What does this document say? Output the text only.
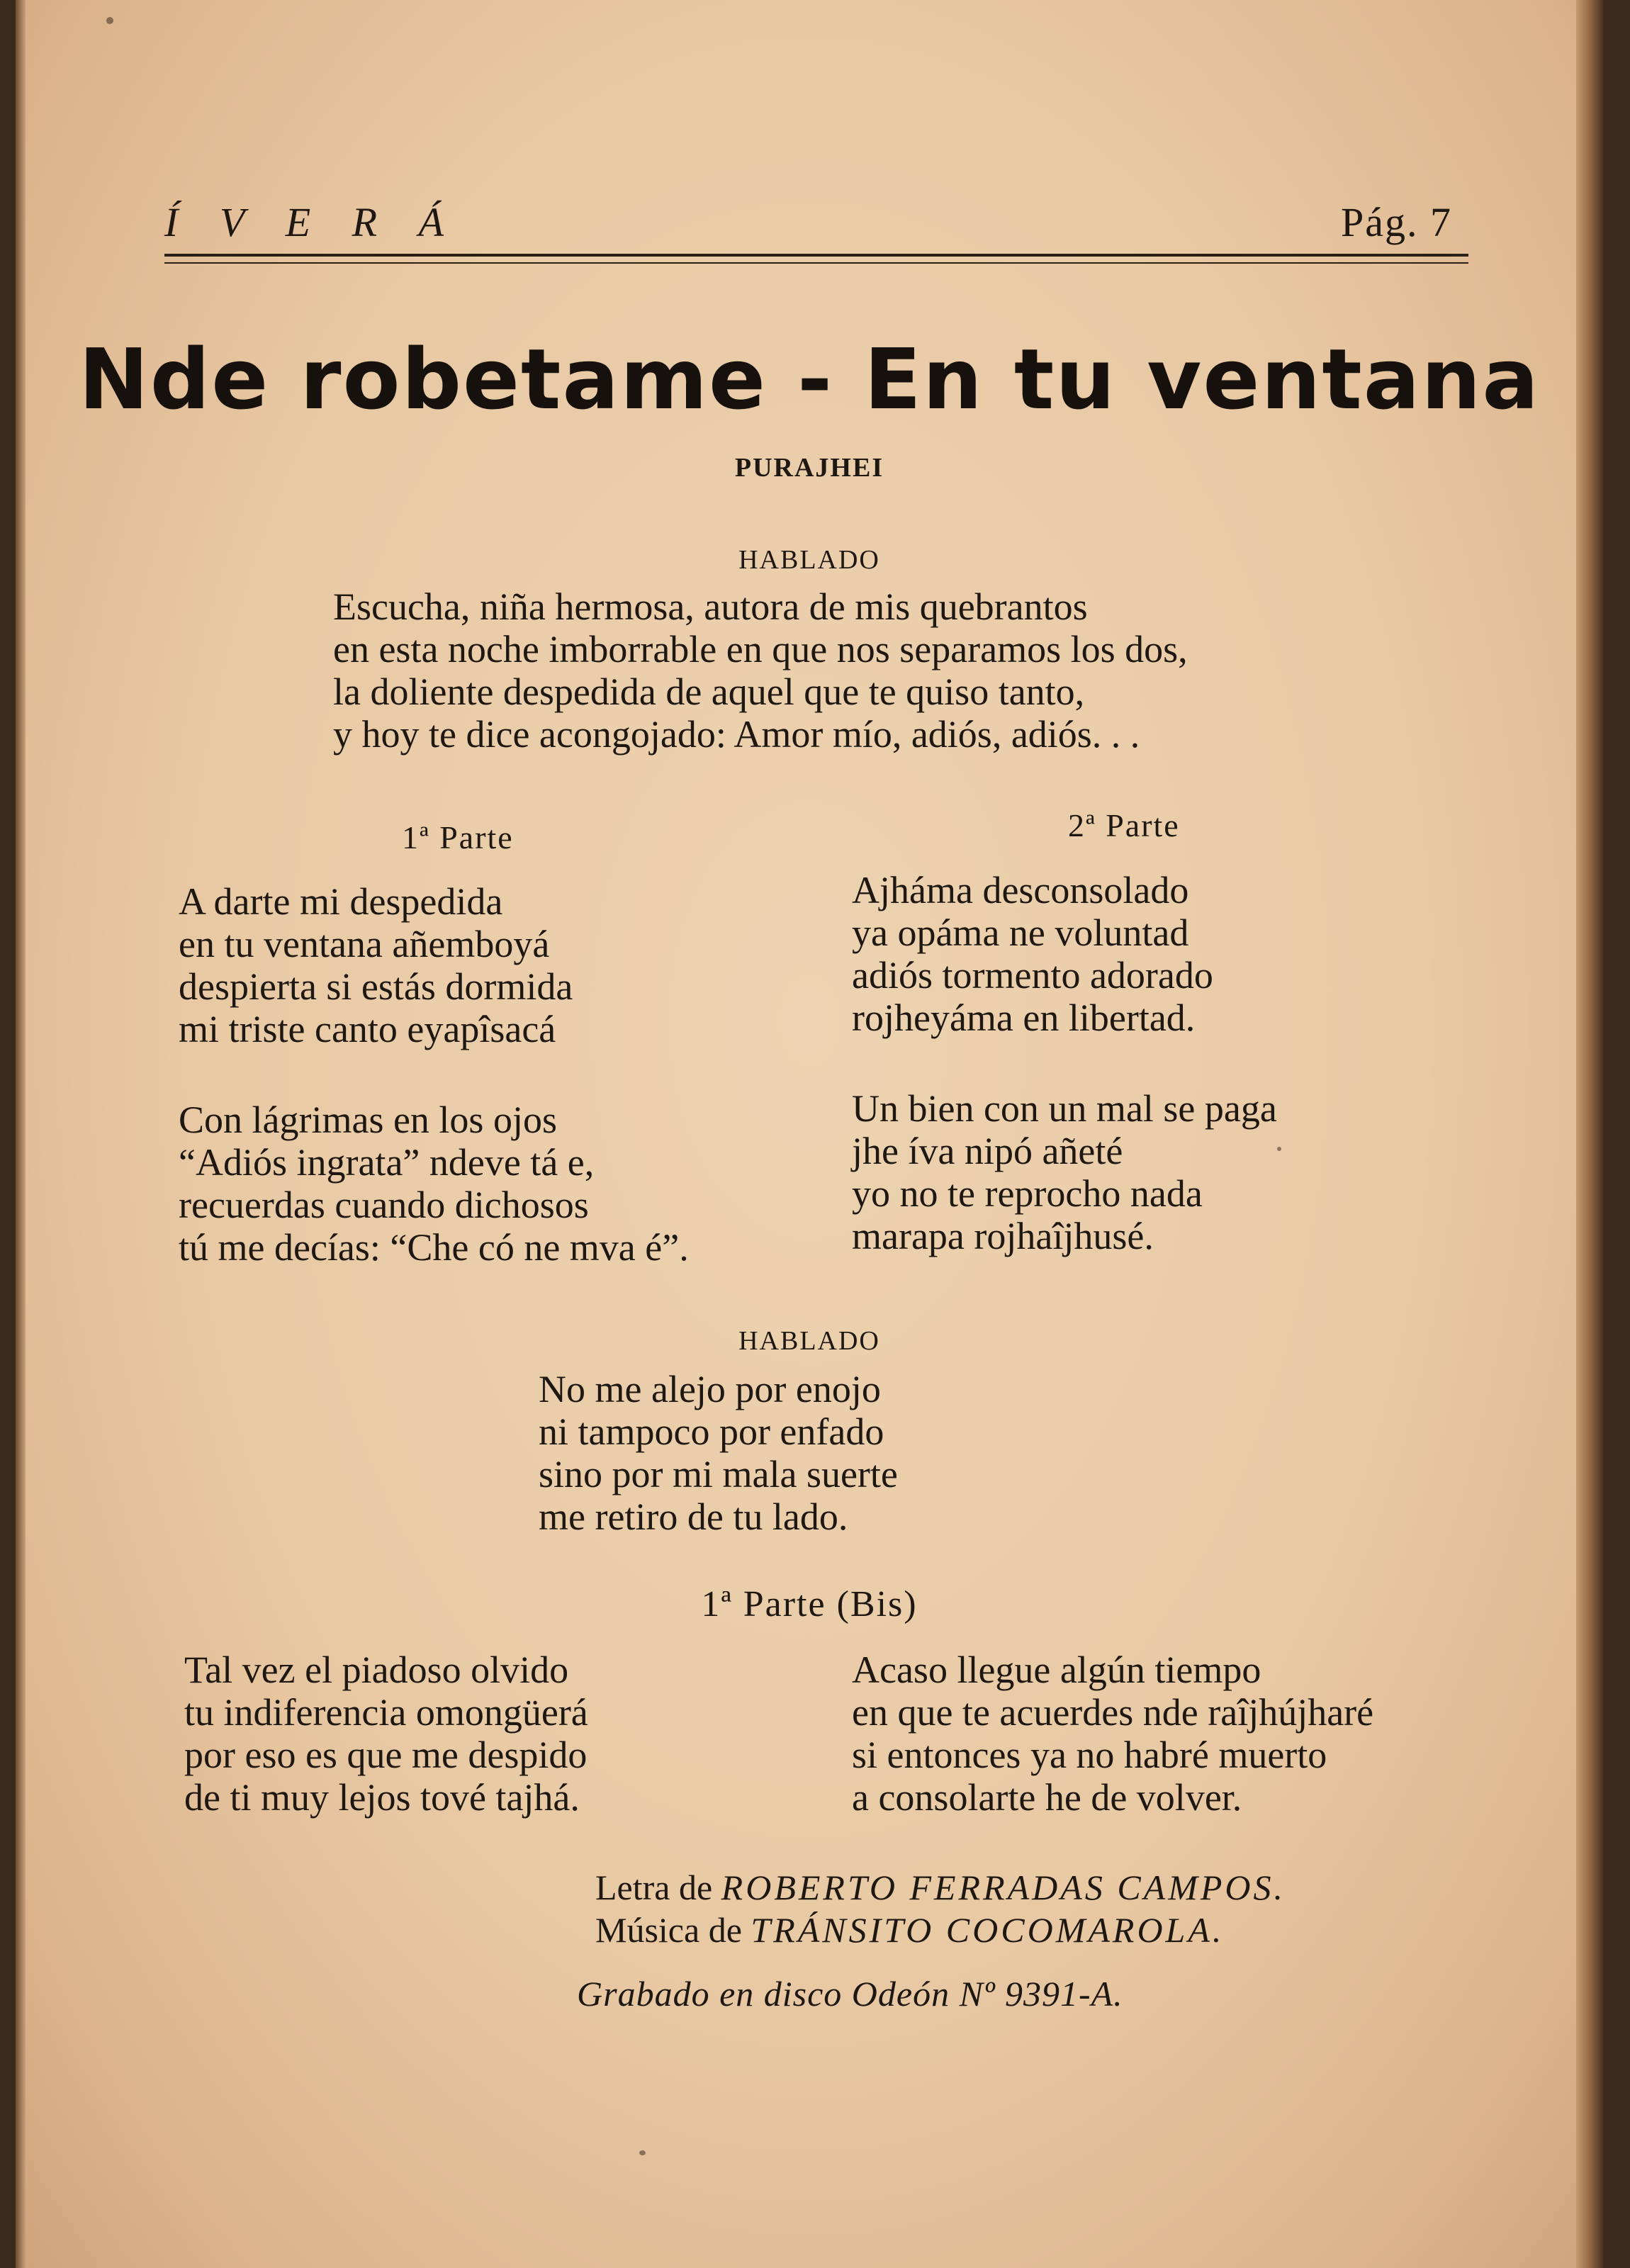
Í V E R Á	Pág. 7
Nde robetame - En tu ventana
PURAJHEI
HABLADO
Escucha, niña hermosa, autora de mis quebrantos
en esta noche imborrable en que nos separamos los dos,
la doliente despedida de aquel que te quiso tanto,
y hoy te dice acongojado: Amor mío, adiós, adiós. . .
1ª Parte	2ª Parte
A darte mi despedida
en tu ventana añemboyá
despierta si estás dormida
mi triste canto eyapîsacá
Con lágrimas en los ojos
“Adiós ingrata” ndeve tá e,
recuerdas cuando dichosos
tú me decías: “Che có ne mva é”.
Ajháma desconsolado
ya opáma ne voluntad
adiós tormento adorado
rojheyáma en libertad.
Un bien con un mal se paga
jhe íva nipó añeté
yo no te reprocho nada
marapa rojhaîjhusé.
HABLADO
No me alejo por enojo
ni tampoco por enfado
sino por mi mala suerte
me retiro de tu lado.
1ª Parte (Bis)
Tal vez el piadoso olvido
tu indiferencia omongüerá
por eso es que me despido
de ti muy lejos tové tajhá.
Acaso llegue algún tiempo
en que te acuerdes nde raîjhújharé
si entonces ya no habré muerto
a consolarte he de volver.
Letra de ROBERTO FERRADAS CAMPOS.
Música de TRÁNSITO COCOMAROLA.
Grabado en disco Odeón Nº 9391-A.
